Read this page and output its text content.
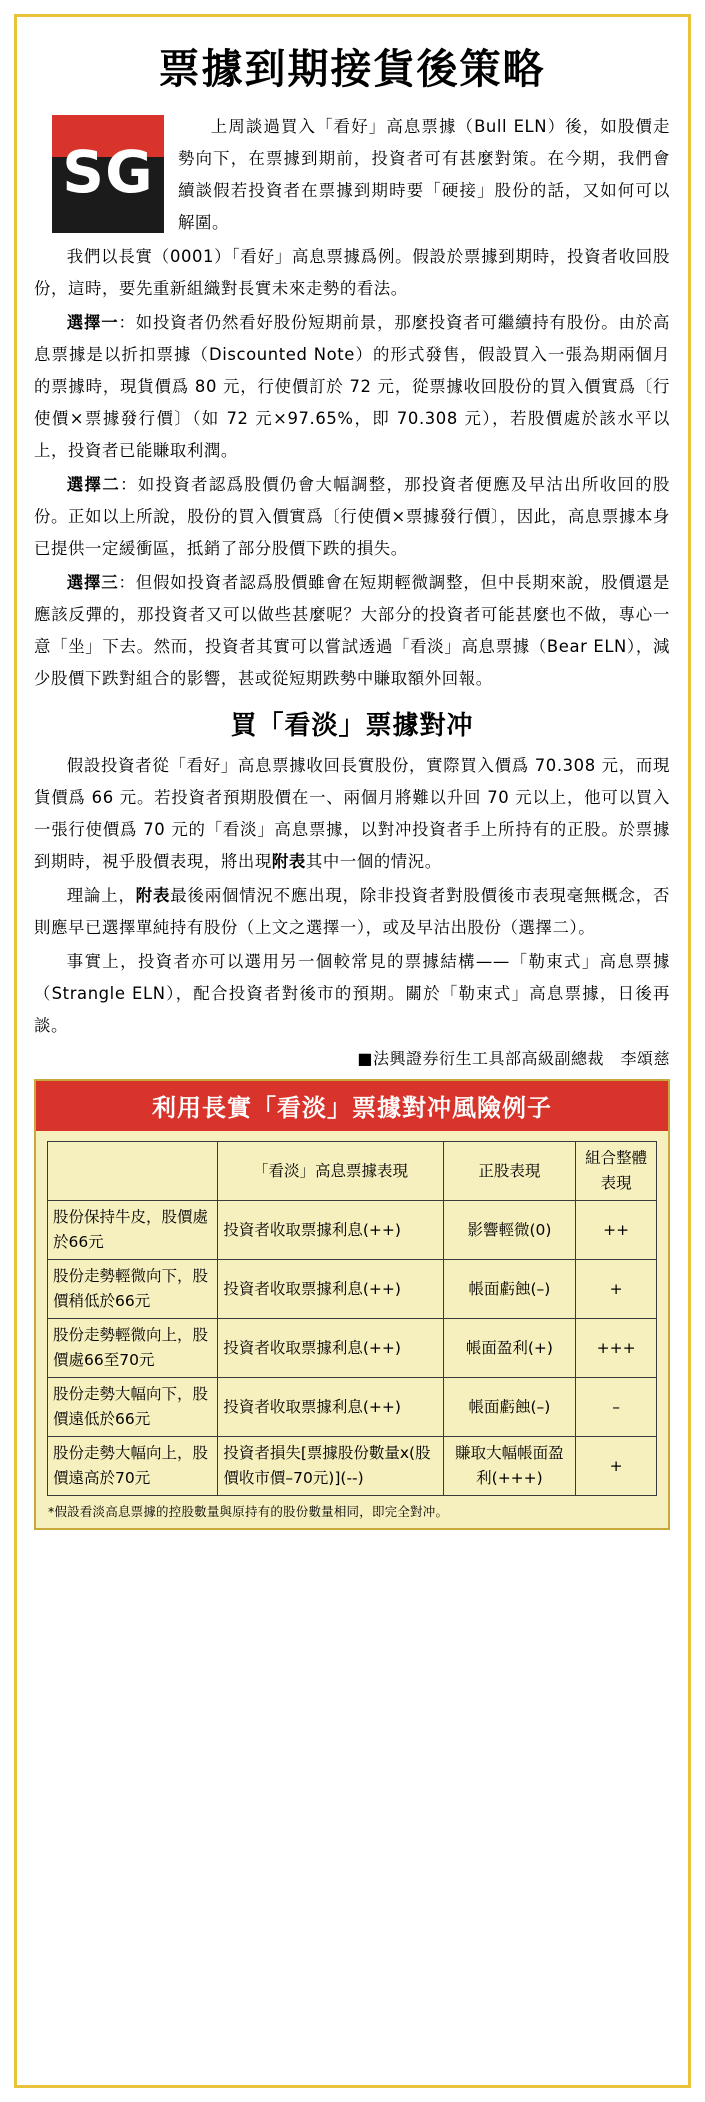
票據到期接貨後策略
SG

上周談過買入「看好」高息票據（Bull ELN）後，如股價走勢向下，在票據到期前，投資者可有甚麼對策。在今期，我們會續談假若投資者在票據到期時要「硬接」股份的話，又如何可以解圍。

我們以長實（0001）「看好」高息票據爲例。假設於票據到期時，投資者收回股份，這時，要先重新組織對長實未來走勢的看法。

選擇一：如投資者仍然看好股份短期前景，那麼投資者可繼續持有股份。由於高息票據是以折扣票據（Discounted Note）的形式發售，假設買入一張為期兩個月的票據時，現貨價爲 80 元，行使價訂於 72 元，從票據收回股份的買入價實爲〔行使價×票據發行價〕（如 72 元×97.65%，即 70.308 元），若股價處於該水平以上，投資者已能賺取利潤。

選擇二：如投資者認爲股價仍會大幅調整，那投資者便應及早沽出所收回的股份。正如以上所說，股份的買入價實爲〔行使價×票據發行價〕，因此，高息票據本身已提供一定緩衝區，抵銷了部分股價下跌的損失。

選擇三：但假如投資者認爲股價雖會在短期輕微調整，但中長期來說，股價還是應該反彈的，那投資者又可以做些甚麼呢？大部分的投資者可能甚麼也不做，專心一意「坐」下去。然而，投資者其實可以嘗試透過「看淡」高息票據（Bear ELN），減少股價下跌對組合的影響，甚或從短期跌勢中賺取額外回報。

買「看淡」票據對冲

假設投資者從「看好」高息票據收回長實股份，實際買入價爲 70.308 元，而現貨價爲 66 元。若投資者預期股價在一、兩個月將難以升回 70 元以上，他可以買入一張行使價爲 70 元的「看淡」高息票據，以對冲投資者手上所持有的正股。於票據到期時，視乎股價表現，將出現附表其中一個的情況。

理論上，附表最後兩個情況不應出現，除非投資者對股價後市表現毫無概念，否則應早已選擇單純持有股份（上文之選擇一），或及早沽出股份（選擇二）。

事實上，投資者亦可以選用另一個較常見的票據結構——「勒束式」高息票據（Strangle ELN），配合投資者對後市的預期。關於「勒束式」高息票據，日後再談。

■法興證券衍生工具部高級副總裁　李頌慈
利用長實「看淡」票據對冲風險例子
	「看淡」高息票據表現	正股表現	組合整體表現
股份保持牛皮，股價處於66元	投資者收取票據利息(++)	影響輕微(0)	++
股份走勢輕微向下，股價稍低於66元	投資者收取票據利息(++)	帳面虧蝕(–)	+
股份走勢輕微向上，股價處66至70元	投資者收取票據利息(++)	帳面盈利(+)	+++
股份走勢大幅向下，股價遠低於66元	投資者收取票據利息(++)	帳面虧蝕(–)	–
股份走勢大幅向上，股價遠高於70元	投資者損失[票據股份數量x(股價收市價–70元)](--)	賺取大幅帳面盈利(+++)	+
*假設看淡高息票據的控股數量與原持有的股份數量相同，即完全對冲。
